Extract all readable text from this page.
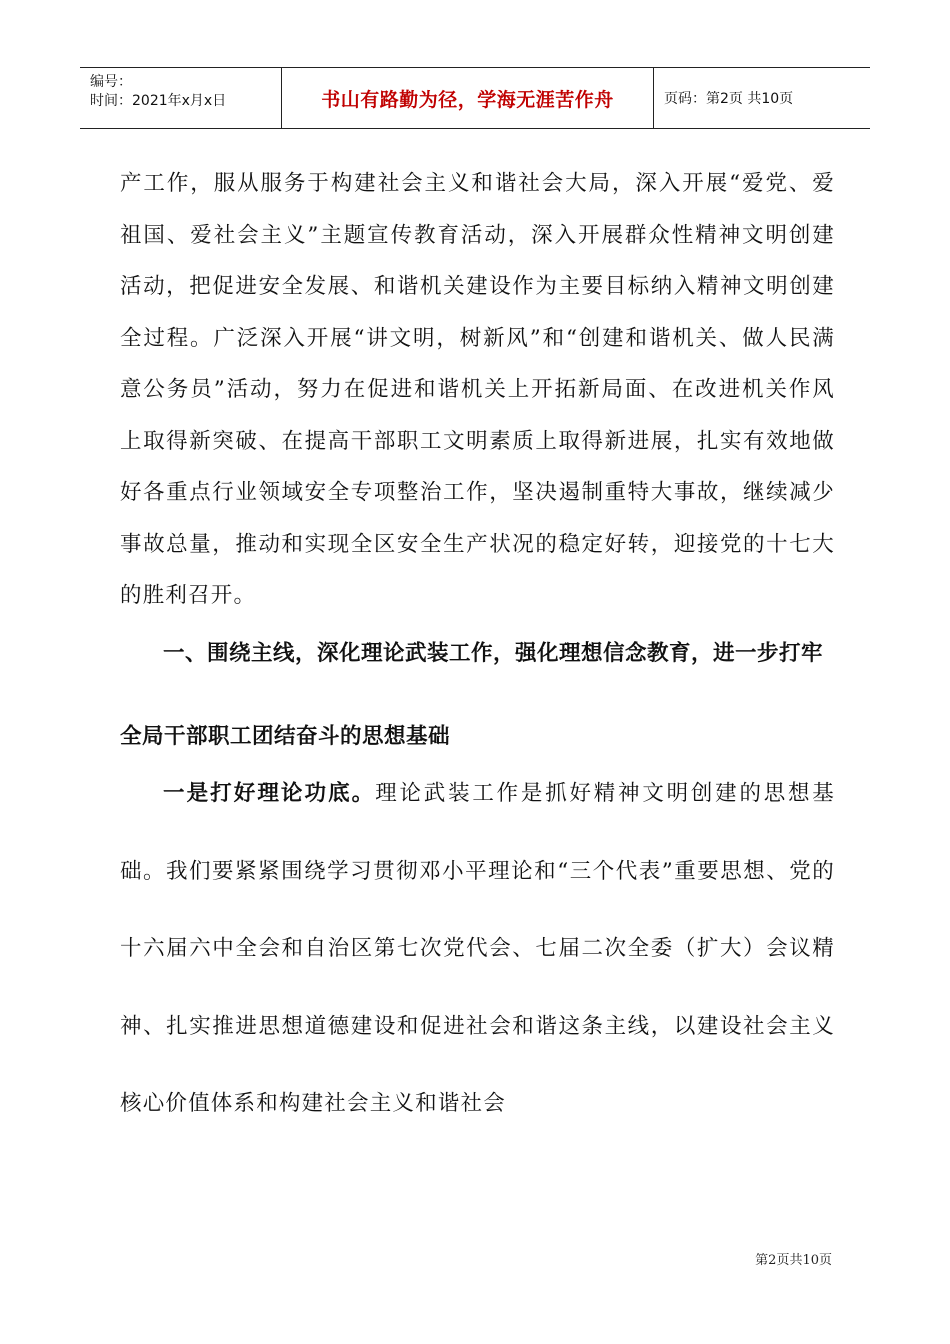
编号：
时间：2021年x月x日	书山有路勤为径，学海无涯苦作舟	页码：第2页 共10页

产工作，服从服务于构建社会主义和谐社会大局，深入开展“爱党、爱祖国、爱社会主义”主题宣传教育活动，深入开展群众性精神文明创建活动，把促进安全发展、和谐机关建设作为主要目标纳入精神文明创建全过程。广泛深入开展“讲文明，树新风”和“创建和谐机关、做人民满意公务员”活动，努力在促进和谐机关上开拓新局面、在改进机关作风上取得新突破、在提高干部职工文明素质上取得新进展，扎实有效地做好各重点行业领域安全专项整治工作，坚决遏制重特大事故，继续减少事故总量，推动和实现全区安全生产状况的稳定好转，迎接党的十七大的胜利召开。

一、围绕主线，深化理论武装工作，强化理想信念教育，进一步打牢全局干部职工团结奋斗的思想基础

一是打好理论功底。理论武装工作是抓好精神文明创建的思想基础。我们要紧紧围绕学习贯彻邓小平理论和“三个代表”重要思想、党的十六届六中全会和自治区第七次党代会、七届二次全委（扩大）会议精神、扎实推进思想道德建设和促进社会和谐这条主线，以建设社会主义核心价值体系和构建社会主义和谐社会

第2页共10页
